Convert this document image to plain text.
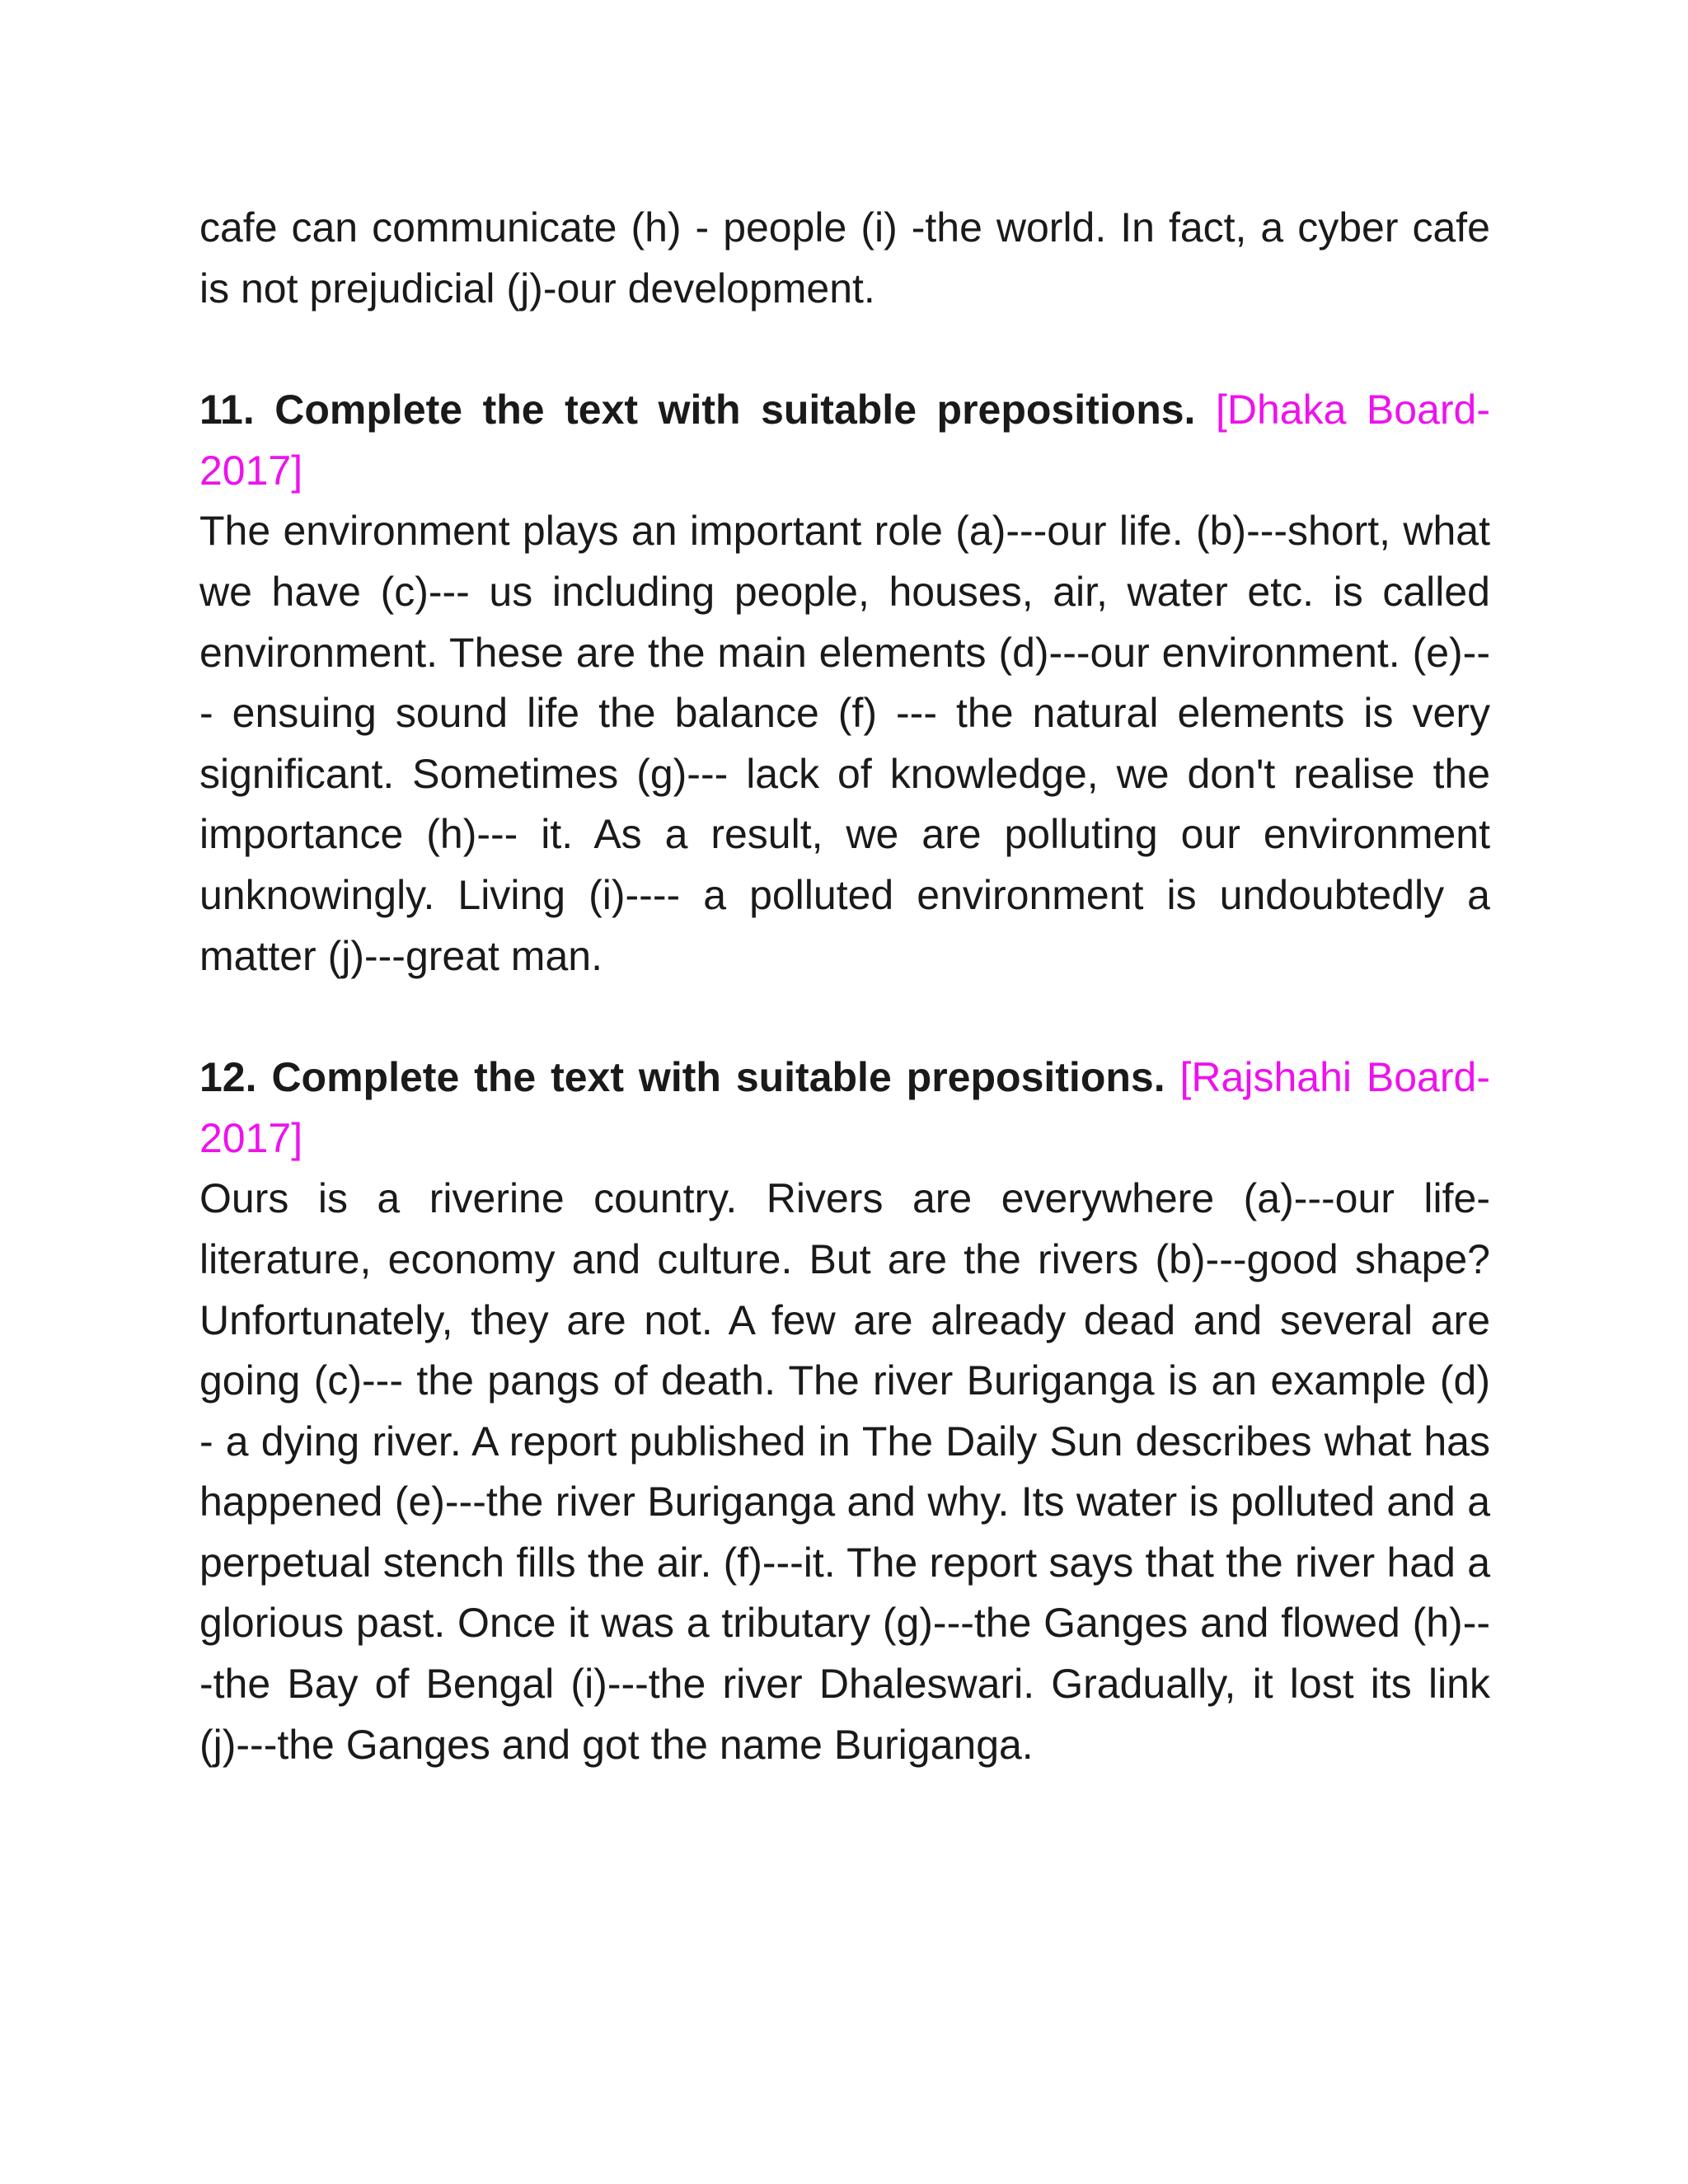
cafe can communicate (h) - people (i) -the world. In fact, a cyber cafe is not prejudicial (j)-our development.

11. Complete the text with suitable prepositions. [Dhaka Board-2017]

The environment plays an important role (a)---our life. (b)---short, what we have (c)--- us including people, houses, air, water etc. is called environment. These are the main elements (d)---our environment. (e)--- ensuing sound life the balance (f) --- the natural elements is very significant. Sometimes (g)--- lack of knowledge, we don't realise the importance (h)--- it. As a result, we are polluting our environment unknowingly. Living (i)---- a polluted environment is undoubtedly a matter (j)---great man.

12. Complete the text with suitable prepositions. [Rajshahi Board-2017]

Ours is a riverine country. Rivers are everywhere (a)---our life-literature, economy and culture. But are the rivers (b)---good shape? Unfortunately, they are not. A few are already dead and several are going (c)--- the pangs of death. The river Buriganga is an example (d) - a dying river. A report published in The Daily Sun describes what has happened (e)---the river Buriganga and why. Its water is polluted and a perpetual stench fills the air. (f)---it. The report says that the river had a glorious past. Once it was a tributary (g)---the Ganges and flowed (h)---the Bay of Bengal (i)---the river Dhaleswari. Gradually, it lost its link (j)---the Ganges and got the name Buriganga.
